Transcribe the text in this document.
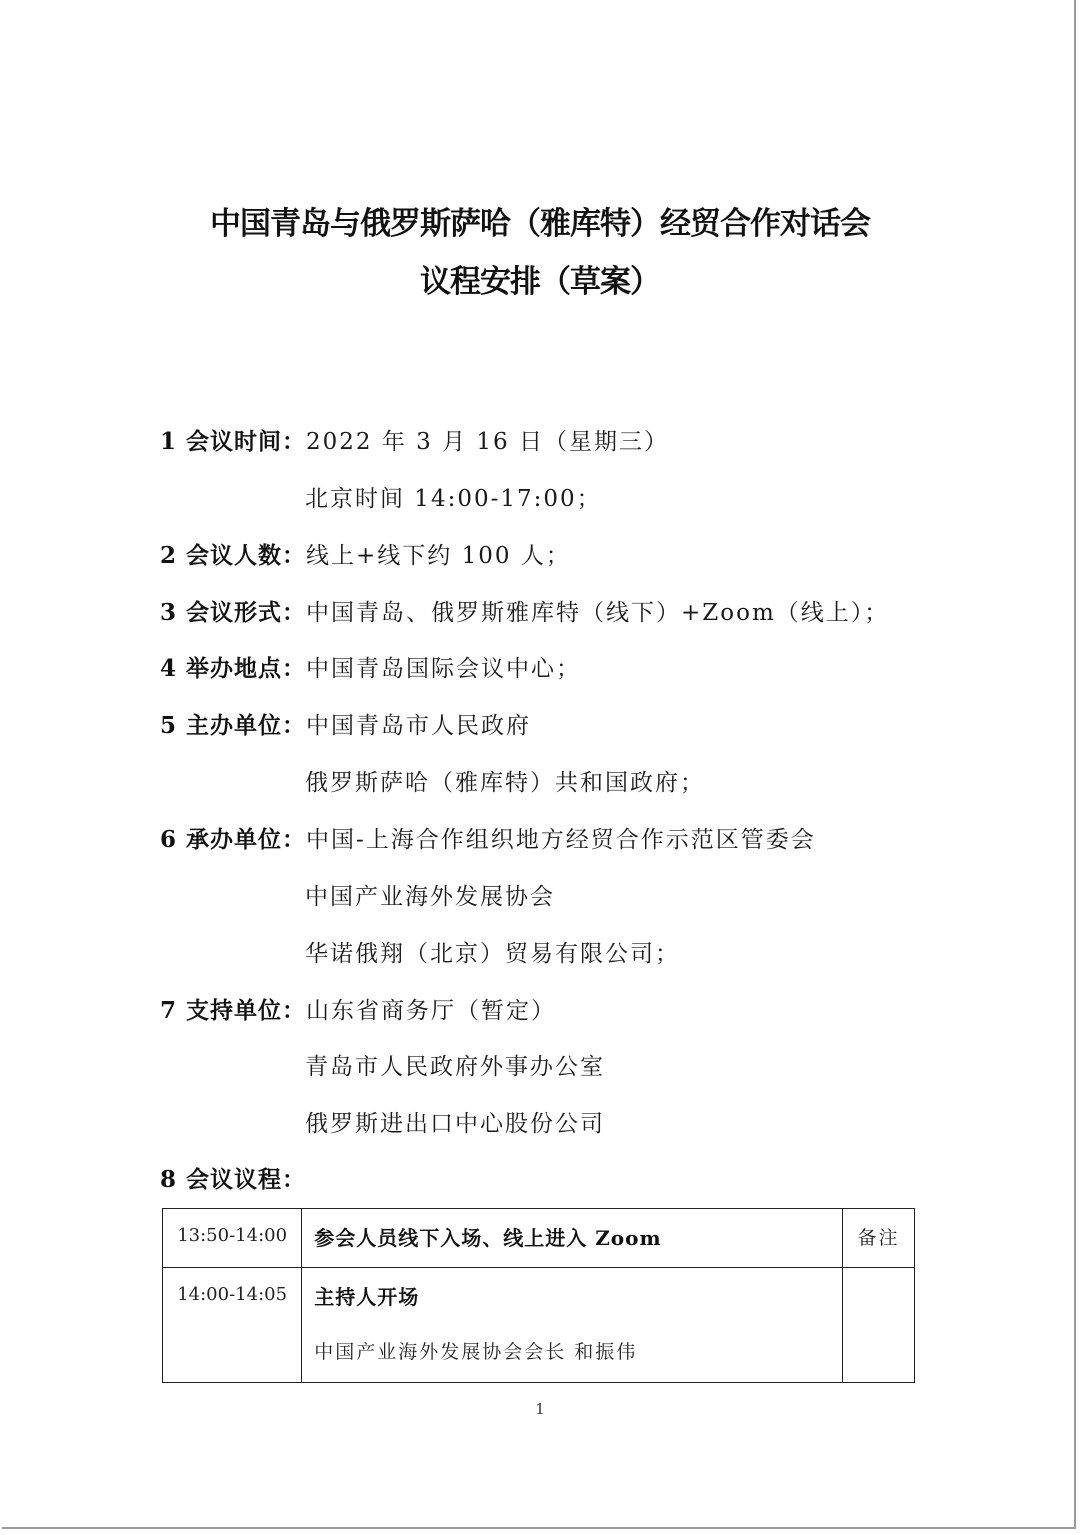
中国青岛与俄罗斯萨哈（雅库特）经贸合作对话会
议程安排（草案）
1 会议时间：2022 年 3 月 16 日（星期三）
北京时间 14:00-17:00；
2 会议人数：线上+线下约 100 人；
3 会议形式：中国青岛、俄罗斯雅库特（线下）+Zoom（线上）；
4 举办地点：中国青岛国际会议中心；
5 主办单位：中国青岛市人民政府
俄罗斯萨哈（雅库特）共和国政府；
6 承办单位：中国-上海合作组织地方经贸合作示范区管委会
中国产业海外发展协会
华诺俄翔（北京）贸易有限公司；
7 支持单位：山东省商务厅（暂定）
青岛市人民政府外事办公室
俄罗斯进出口中心股份公司
8 会议议程：
13:50-14:00	参会人员线下入场、线上进入 Zoom	备注
14:00-14:05	主持人开场
中国产业海外发展协会会长 和振伟	

1
